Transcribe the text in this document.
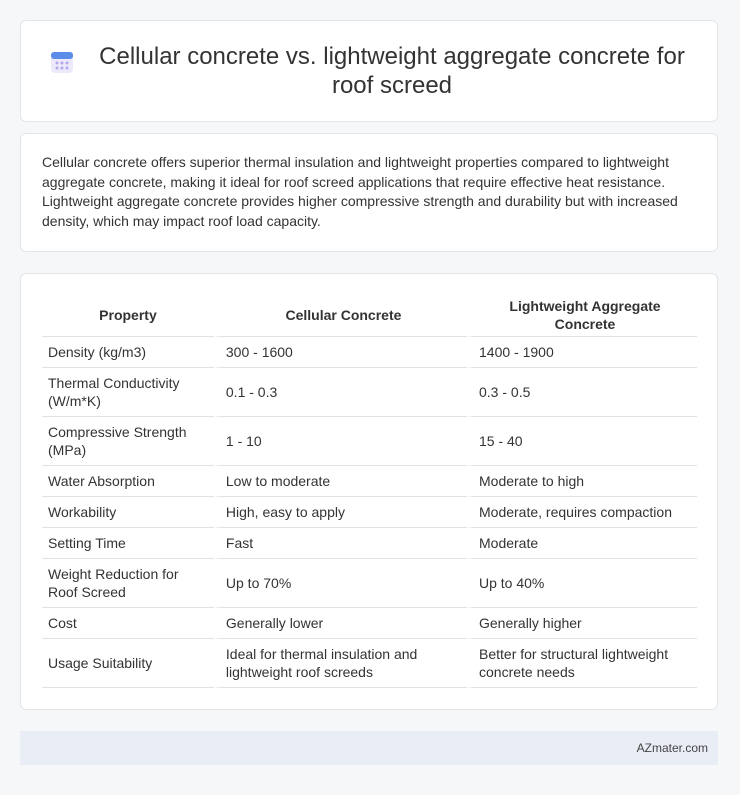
Cellular concrete vs. lightweight aggregate concrete for roof screed

Cellular concrete offers superior thermal insulation and lightweight properties compared to lightweight aggregate concrete, making it ideal for roof screed applications that require effective heat resistance. Lightweight aggregate concrete provides higher compressive strength and durability but with increased density, which may impact roof load capacity.

Property	Cellular Concrete	Lightweight Aggregate Concrete
Density (kg/m3)	300 - 1600	1400 - 1900
Thermal Conductivity (W/m*K)	0.1 - 0.3	0.3 - 0.5
Compressive Strength (MPa)	1 - 10	15 - 40
Water Absorption	Low to moderate	Moderate to high
Workability	High, easy to apply	Moderate, requires compaction
Setting Time	Fast	Moderate
Weight Reduction for Roof Screed	Up to 70%	Up to 40%
Cost	Generally lower	Generally higher
Usage Suitability	Ideal for thermal insulation and lightweight roof screeds	Better for structural lightweight concrete needs
AZmater.com
